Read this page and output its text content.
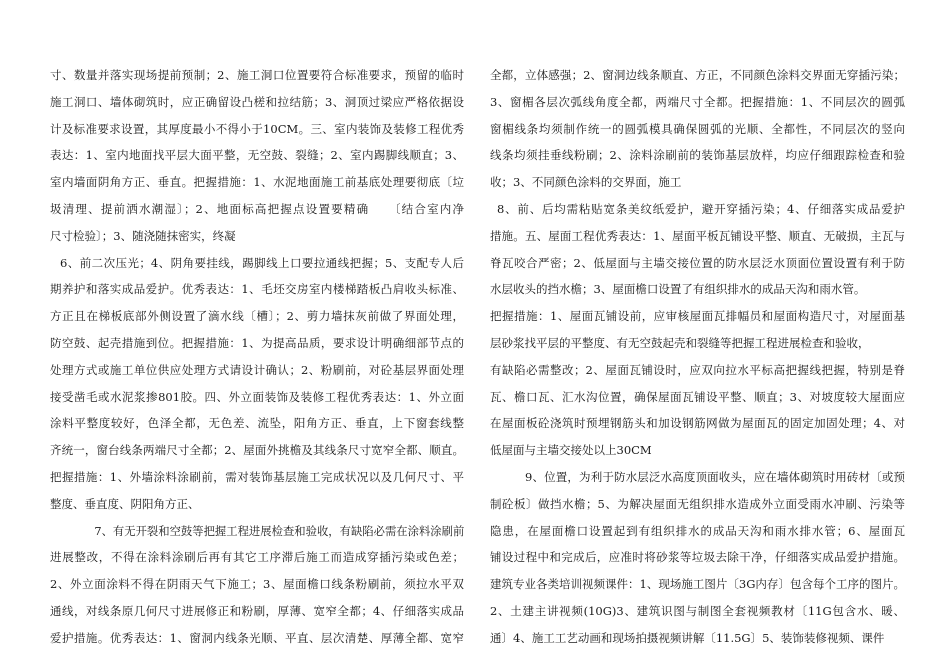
寸、数量并落实现场提前预制；2、施工洞口位置要符合标准要求，预留的临时
施工洞口、墙体砌筑时，应正确留设凸槎和拉结筋；3、洞顶过梁应严格依据设
计及标准要求设置，其厚度最小不得小于10CM。三、室内装饰及装修工程优秀
表达：1、室内地面找平层大面平整，无空鼓、裂缝；2、室内踢脚线顺直；3、
室内墙面阴角方正、垂直。把握措施：1、水泥地面施工前基底处理要彻底〔垃
圾清理、提前洒水潮湿〕；2、地面标高把握点设置要精确　　〔结合室内净
尺寸检验〕；3、随浇随抹密实，终凝
6、前二次压光；4、阴角要挂线，踢脚线上口要拉通线把握；5、支配专人后
期养护和落实成品爱护。优秀表达：1、毛坯交房室内楼梯踏板凸肩收头标准、
方正且在梯板底部外侧设置了滴水线〔槽〕；2、剪力墙抹灰前做了界面处理，
防空鼓、起壳措施到位。把握措施：1、为提高品质，要求设计明确细部节点的
处理方式或施工单位供应处理方式请设计确认；2、粉刷前，对砼基层界面处理
接受凿毛或水泥浆掺801胶。四、外立面装饰及装修工程优秀表达：1、外立面
涂料平整度较好，色泽全都，无色差、流坠，阳角方正、垂直，上下窗套线整
齐统一，窗台线条两端尺寸全都；2、屋面外挑檐及其线条尺寸宽窄全都、顺直。
把握措施：1、外墙涂料涂刷前，需对装饰基层施工完成状况以及几何尺寸、平
整度、垂直度、阴阳角方正、
7、有无开裂和空鼓等把握工程进展检查和验收，有缺陷必需在涂料涂刷前
进展整改，不得在涂料涂刷后再有其它工序滞后施工而造成穿插污染或色差；
2、外立面涂料不得在阴雨天气下施工；3、屋面檐口线条粉刷前，须拉水平双
通线，对线条原几何尺寸进展修正和粉刷，厚薄、宽窄全都；4、仔细落实成品
爱护措施。优秀表达：1、窗洞内线条光顺、平直、层次清楚、厚薄全都、宽窄
全都，立体感强；2、窗洞边线条顺直、方正，不同颜色涂料交界面无穿插污染；
3、窗楣各层次弧线角度全都，两端尺寸全都。把握措施：1、不同层次的圆弧
窗楣线条均须制作统一的圆弧模具确保圆弧的光顺、全都性，不同层次的竖向
线条均须挂垂线粉刷；2、涂料涂刷前的装饰基层放样，均应仔细跟踪检查和验
收；3、不同颜色涂料的交界面，施工
8、前、后均需粘贴宽条美纹纸爱护，避开穿插污染；4、仔细落实成品爱护
措施。五、屋面工程优秀表达：1、屋面平板瓦铺设平整、顺直、无破损，主瓦与
脊瓦咬合严密；2、低屋面与主墙交接位置的防水层泛水顶面位置设置有利于防
水层收头的挡水檐；3、屋面檐口设置了有组织排水的成品天沟和雨水管。
把握措施：1、屋面瓦铺设前，应审核屋面瓦排幅员和屋面构造尺寸，对屋面基
层砂浆找平层的平整度、有无空鼓起壳和裂缝等把握工程进展检查和验收，
有缺陷必需整改；2、屋面瓦铺设时，应双向拉水平标高把握线把握，特别是脊
瓦、檐口瓦、汇水沟位置，确保屋面瓦铺设平整、顺直；3、对坡度较大屋面应
在屋面板砼浇筑时预埋钢筋头和加设钢筋网做为屋面瓦的固定加固处理；4、对
低屋面与主墙交接处以上30CM
9、位置，为利于防水层泛水高度顶面收头，应在墙体砌筑时用砖材〔或预
制砼板〕做挡水檐；5、为解决屋面无组织排水造成外立面受雨水冲刷、污染等
隐患，在屋面檐口设置起到有组织排水的成品天沟和雨水排水管；6、屋面瓦
铺设过程中和完成后，应准时将砂浆等垃圾去除干净，仔细落实成品爱护措施。
建筑专业各类培训视频课件：1、现场施工图片〔3G内存〕包含每个工序的图片。
2、土建主讲视频(10G)3、建筑识图与制图全套视频教材〔11G包含水、暖、
通〕4、施工工艺动画和现场拍摄视频讲解〔11.5G〕5、装饰装修视频、课件
